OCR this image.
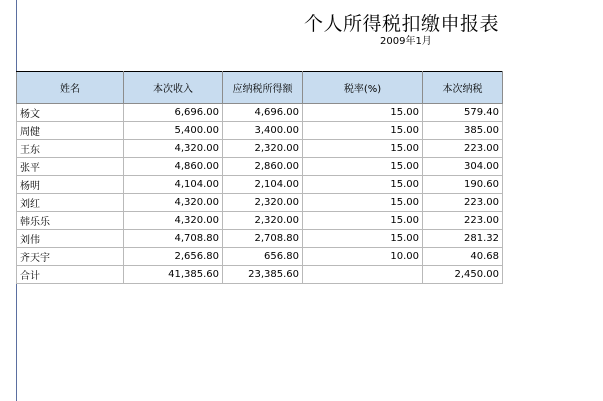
个人所得税扣缴申报表
2009年1月
姓名	本次收入	应纳税所得额	税率(%)	本次纳税
杨文	6,696.00	4,696.00	15.00	579.40
周健	5,400.00	3,400.00	15.00	385.00
王东	4,320.00	2,320.00	15.00	223.00
张平	4,860.00	2,860.00	15.00	304.00
杨明	4,104.00	2,104.00	15.00	190.60
刘红	4,320.00	2,320.00	15.00	223.00
韩乐乐	4,320.00	2,320.00	15.00	223.00
刘伟	4,708.80	2,708.80	15.00	281.32
齐天宇	2,656.80	656.80	10.00	40.68
合计	41,385.60	23,385.60		2,450.00
